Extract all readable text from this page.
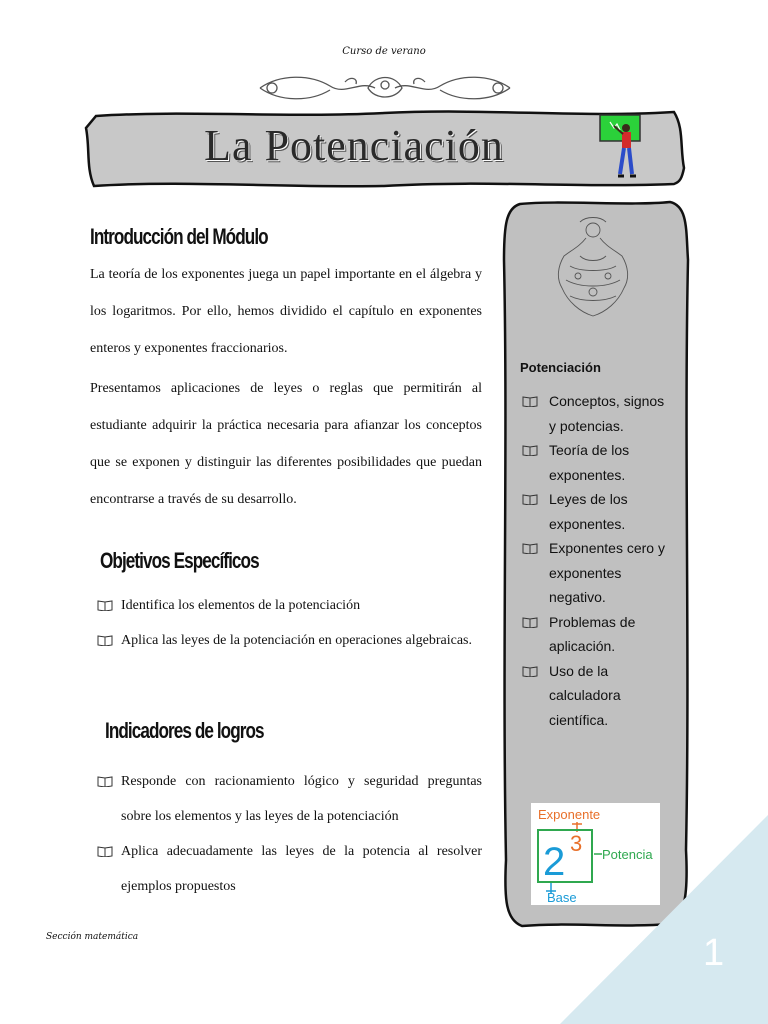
Curso de verano
La Potenciación
Introducción del Módulo
La teoría de los exponentes juega un papel importante en el álgebra y los logaritmos. Por ello, hemos dividido el capítulo en exponentes enteros y exponentes fraccionarios.
Presentamos aplicaciones de leyes o reglas que permitirán al estudiante adquirir la práctica necesaria para afianzar los conceptos que se exponen y distinguir las diferentes posibilidades que puedan encontrarse a través de su desarrollo.
Objetivos Específicos
Identifica los elementos de la potenciación
Aplica las leyes de la potenciación en operaciones algebraicas.
Indicadores de logros
Responde con racionamiento lógico y seguridad preguntas sobre los elementos y las leyes de la potenciación
Aplica adecuadamente las leyes de la potencia al resolver ejemplos propuestos
Potenciación
Conceptos, signos y potencias.
Teoría de los exponentes.
Leyes de los exponentes.
Exponentes cero y exponentes negativo.
Problemas de aplicación.
Uso de la calculadora científica.
Exponente
2 3 Potencia
Base
Sección matemática	1
